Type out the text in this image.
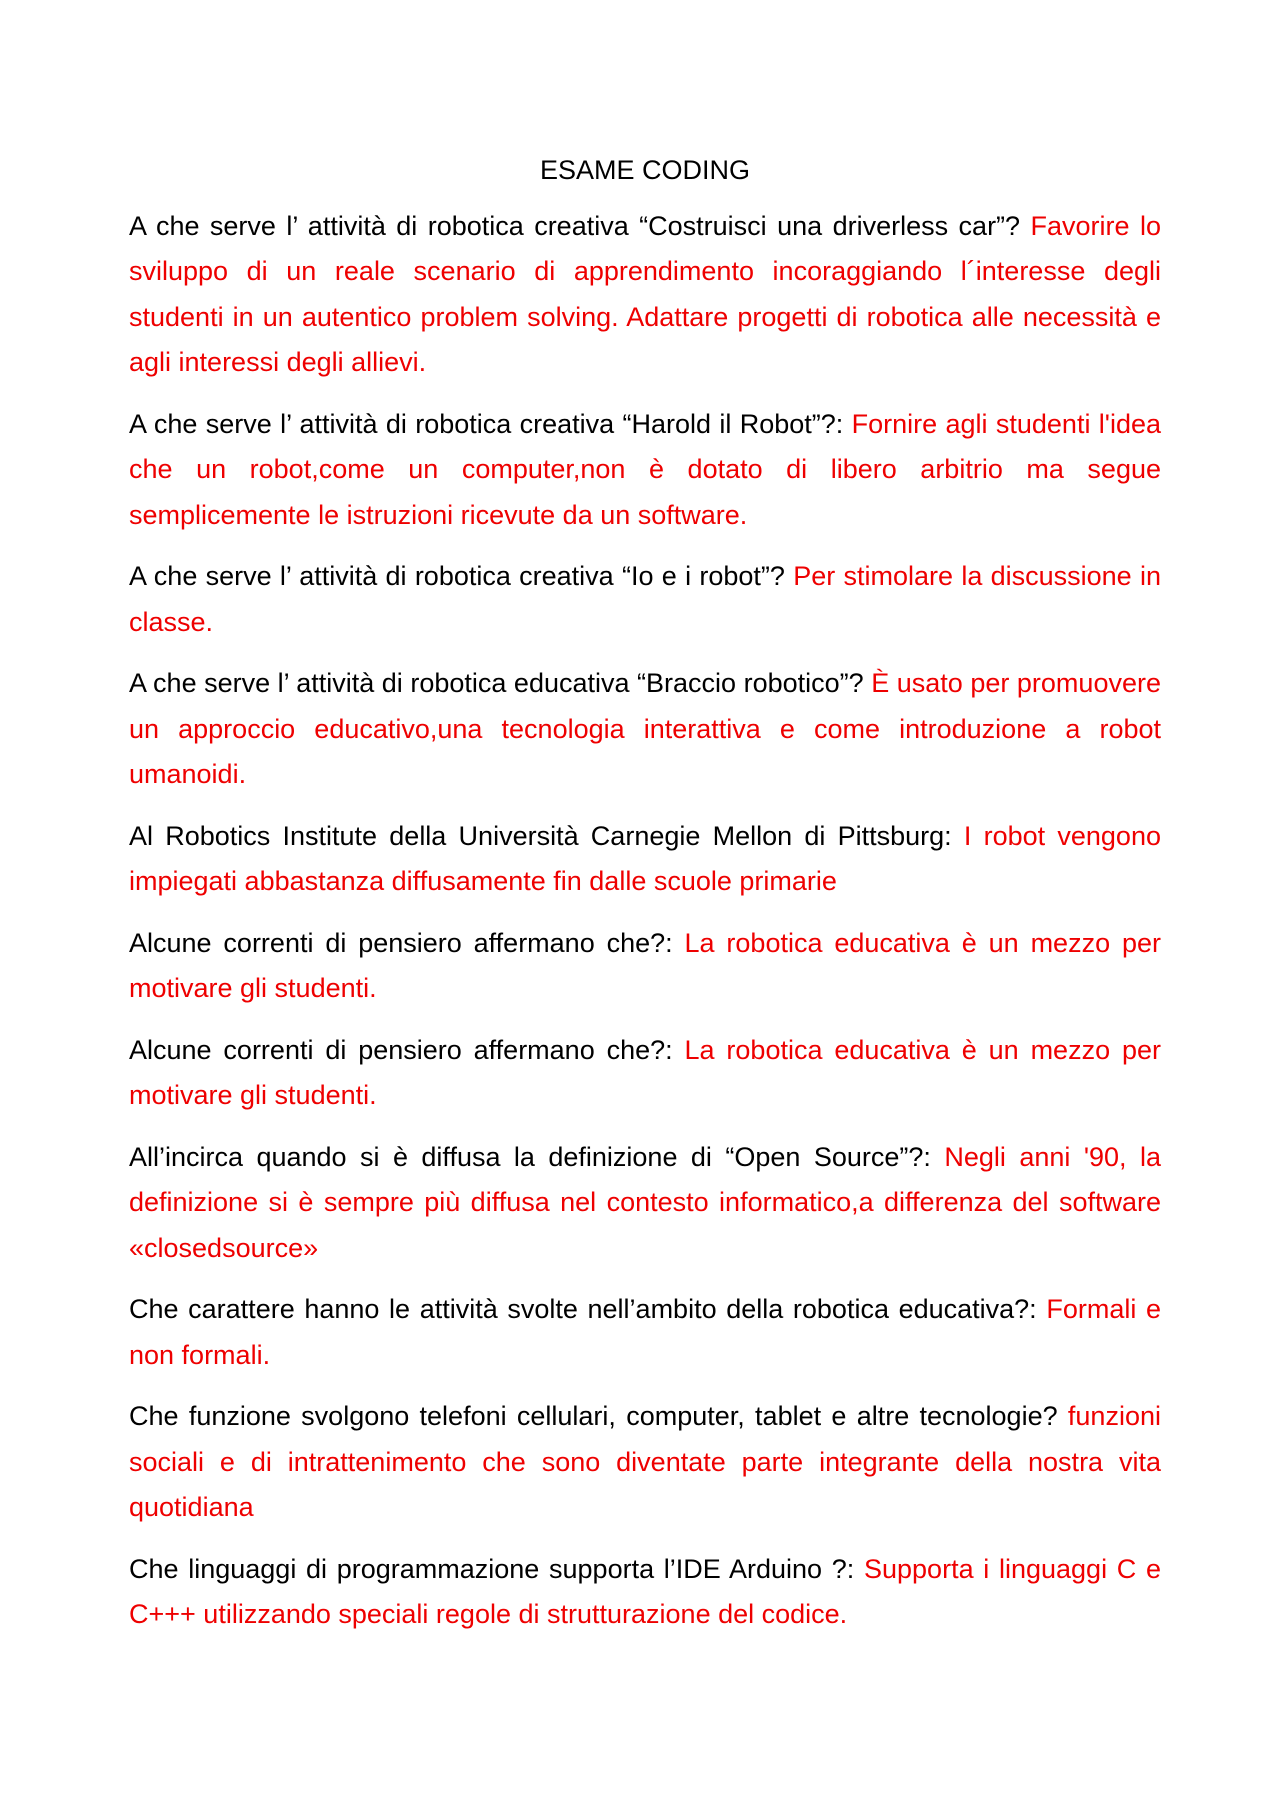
ESAME CODING

A che serve l’ attività di robotica creativa “Costruisci una driverless car”? Favorire lo sviluppo di un reale scenario di apprendimento incoraggiando l´interesse degli studenti in un autentico problem solving. Adattare progetti di robotica alle necessità e agli interessi degli allievi.

A che serve l’ attività di robotica creativa “Harold il Robot”?: Fornire agli studenti l'idea che un robot,come un computer,non è dotato di libero arbitrio ma segue semplicemente le istruzioni ricevute da un software.

A che serve l’ attività di robotica creativa “Io e i robot”? Per stimolare la discussione in classe.

A che serve l’ attività di robotica educativa “Braccio robotico”? È usato per promuovere un approccio educativo,una tecnologia interattiva e come introduzione a robot umanoidi.

Al Robotics Institute della Università Carnegie Mellon di Pittsburg: I robot vengono impiegati abbastanza diffusamente fin dalle scuole primarie

Alcune correnti di pensiero affermano che?: La robotica educativa è un mezzo per motivare gli studenti.

Alcune correnti di pensiero affermano che?: La robotica educativa è un mezzo per motivare gli studenti.

All’incirca quando si è diffusa la definizione di “Open Source”?: Negli anni '90, la definizione si è sempre più diffusa nel contesto informatico,a differenza del software «closedsource»

Che carattere hanno le attività svolte nell’ambito della robotica educativa?: Formali e non formali.

Che funzione svolgono telefoni cellulari, computer, tablet e altre tecnologie? funzioni sociali e di intrattenimento che sono diventate parte integrante della nostra vita quotidiana

Che linguaggi di programmazione supporta l’IDE Arduino ?: Supporta i linguaggi C e C+++ utilizzando speciali regole di strutturazione del codice.
